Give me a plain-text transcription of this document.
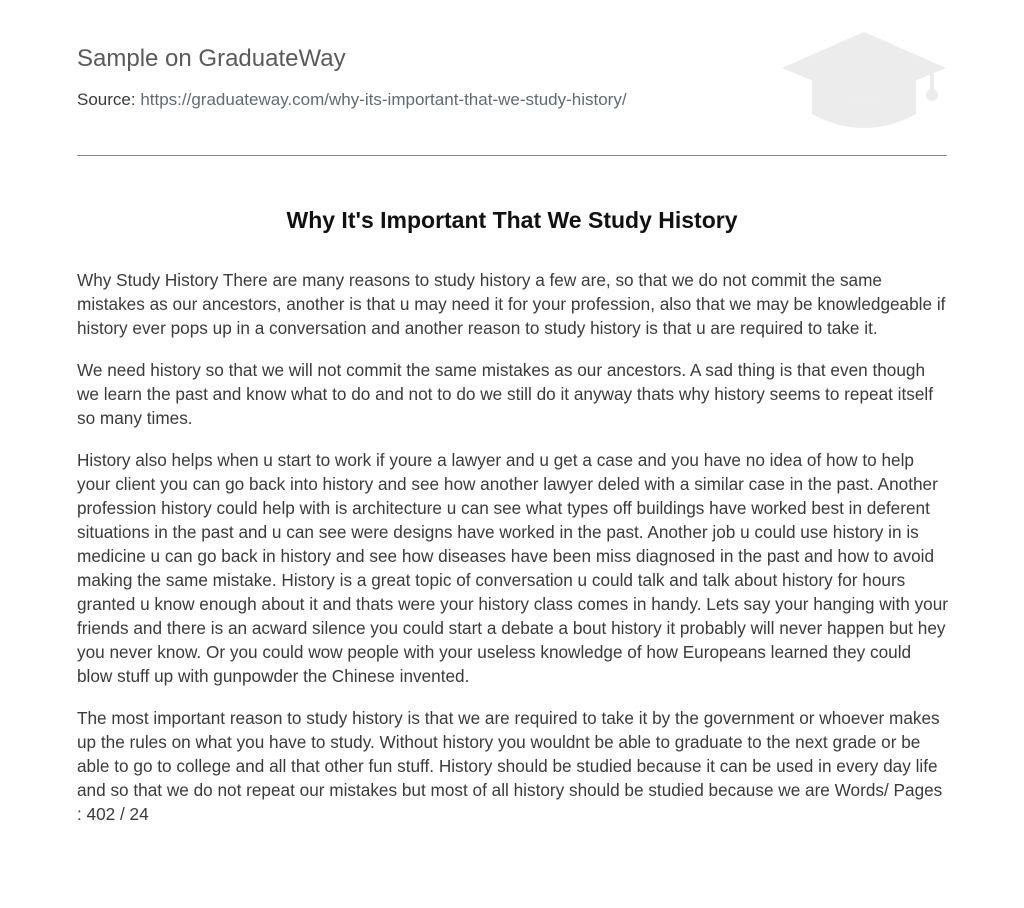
Sample on GraduateWay
Source: https://graduateway.com/why-its-important-that-we-study-history/
Why It's Important That We Study History

Why Study History There are many reasons to study history a few are, so that we do not commit the same mistakes as our ancestors, another is that u may need it for your profession, also that we may be knowledgeable if history ever pops up in a conversation and another reason to study history is that u are required to take it.

We need history so that we will not commit the same mistakes as our ancestors. A sad thing is that even though we learn the past and know what to do and not to do we still do it anyway thats why history seems to repeat itself so many times.

History also helps when u start to work if youre a lawyer and u get a case and you have no idea of how to help your client you can go back into history and see how another lawyer deled with a similar case in the past. Another profession history could help with is architecture u can see what types off buildings have worked best in deferent situations in the past and u can see were designs have worked in the past. Another job u could use history in is medicine u can go back in history and see how diseases have been miss diagnosed in the past and how to avoid making the same mistake. History is a great topic of conversation u could talk and talk about history for hours granted u know enough about it and thats were your history class comes in handy. Lets say your hanging with your friends and there is an acward silence you could start a debate a bout history it probably will never happen but hey you never know. Or you could wow people with your useless knowledge of how Europeans learned they could blow stuff up with gunpowder the Chinese invented.

The most important reason to study history is that we are required to take it by the government or whoever makes up the rules on what you have to study. Without history you wouldnt be able to graduate to the next grade or be able to go to college and all that other fun stuff. History should be studied because it can be used in every day life and so that we do not repeat our mistakes but most of all history should be studied because we are Words/ Pages : 402 / 24
